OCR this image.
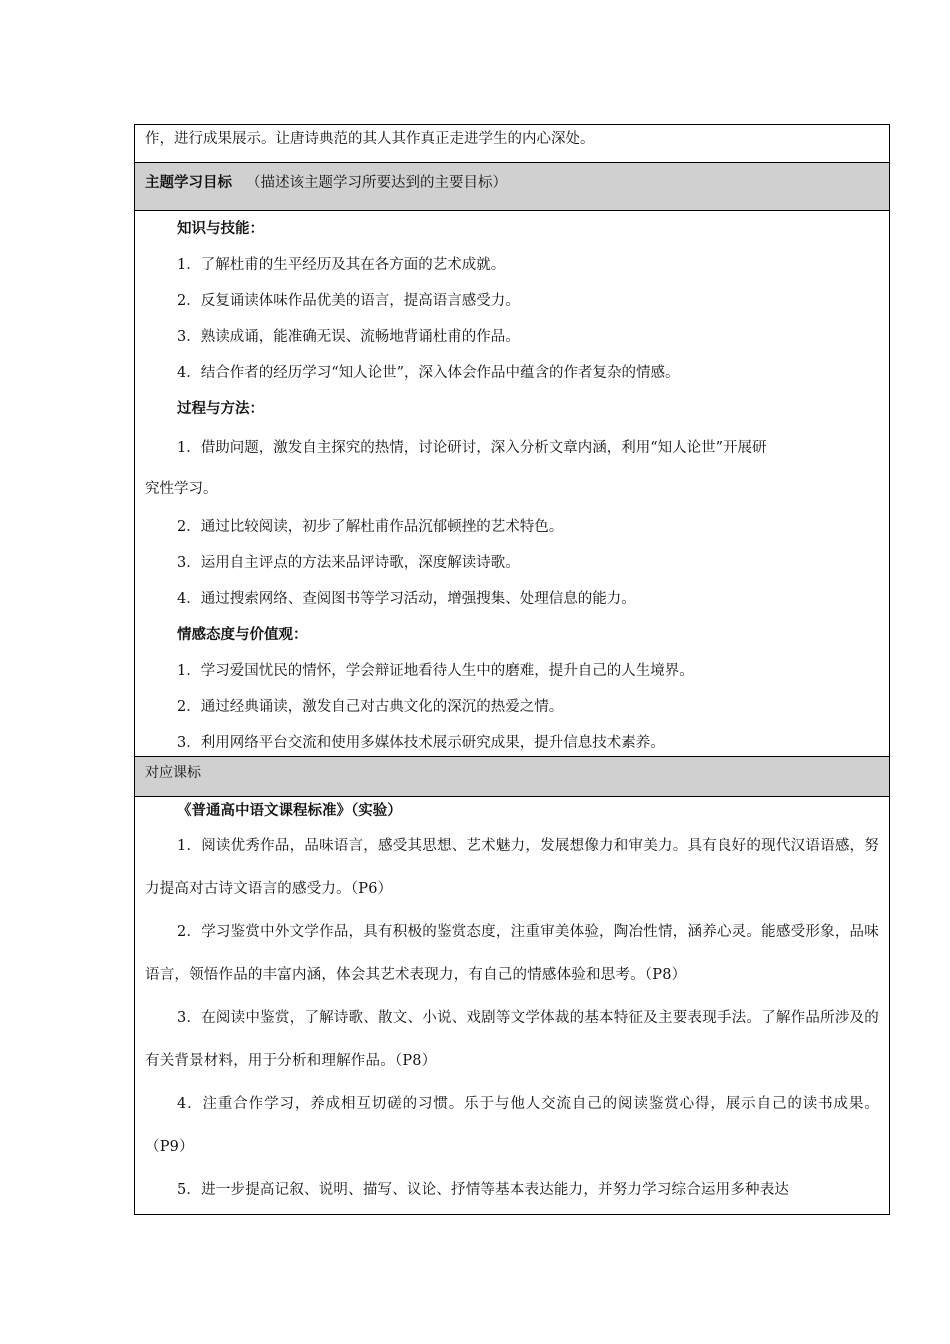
作，进行成果展示。让唐诗典范的其人其作真正走进学生的内心深处。
主题学习目标 （描述该主题学习所要达到的主要目标）
知识与技能：
1．了解杜甫的生平经历及其在各方面的艺术成就。
2．反复诵读体味作品优美的语言，提高语言感受力。
3．熟读成诵，能准确无误、流畅地背诵杜甫的作品。
4．结合作者的经历学习“知人论世”，深入体会作品中蕴含的作者复杂的情感。
过程与方法：
1．借助问题，激发自主探究的热情，讨论研讨，深入分析文章内涵，利用“知人论世”开展研
究性学习。
2．通过比较阅读，初步了解杜甫作品沉郁顿挫的艺术特色。
3．运用自主评点的方法来品评诗歌，深度解读诗歌。
4．通过搜索网络、查阅图书等学习活动，增强搜集、处理信息的能力。
情感态度与价值观：
1．学习爱国忧民的情怀，学会辩证地看待人生中的磨难，提升自己的人生境界。
2．通过经典诵读，激发自己对古典文化的深沉的热爱之情。
3．利用网络平台交流和使用多媒体技术展示研究成果，提升信息技术素养。
对应课标
《普通高中语文课程标准》（实验）
1．阅读优秀作品，品味语言，感受其思想、艺术魅力，发展想像力和审美力。具有良好的现代汉语语感，努力提高对古诗文语言的感受力。（P6）
2．学习鉴赏中外文学作品，具有积极的鉴赏态度，注重审美体验，陶冶性情，涵养心灵。能感受形象，品味语言，领悟作品的丰富内涵，体会其艺术表现力，有自己的情感体验和思考。（P8）
3．在阅读中鉴赏，了解诗歌、散文、小说、戏剧等文学体裁的基本特征及主要表现手法。了解作品所涉及的有关背景材料，用于分析和理解作品。（P8）
4．注重合作学习，养成相互切磋的习惯。乐于与他人交流自己的阅读鉴赏心得，展示自己的读书成果。（P9）
5．进一步提高记叙、说明、描写、议论、抒情等基本表达能力，并努力学习综合运用多种表达
